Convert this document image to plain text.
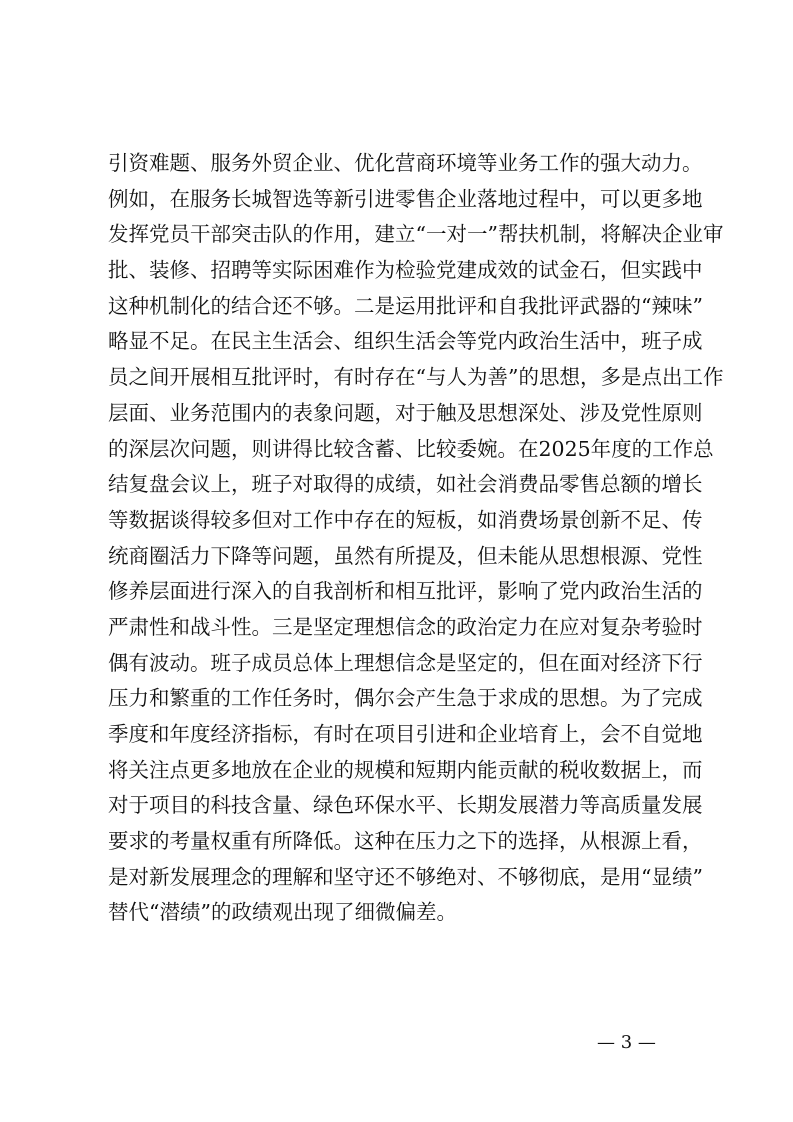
引资难题、服务外贸企业、优化营商环境等业务工作的强大动力。
例如，在服务长城智选等新引进零售企业落地过程中，可以更多地
发挥党员干部突击队的作用，建立“一对一”帮扶机制，将解决企业审
批、装修、招聘等实际困难作为检验党建成效的试金石，但实践中
这种机制化的结合还不够。二是运用批评和自我批评武器的“辣味”
略显不足。在民主生活会、组织生活会等党内政治生活中，班子成
员之间开展相互批评时，有时存在“与人为善”的思想，多是点出工作
层面、业务范围内的表象问题，对于触及思想深处、涉及党性原则
的深层次问题，则讲得比较含蓄、比较委婉。在2025年度的工作总
结复盘会议上，班子对取得的成绩，如社会消费品零售总额的增长
等数据谈得较多但对工作中存在的短板，如消费场景创新不足、传
统商圈活力下降等问题，虽然有所提及，但未能从思想根源、党性
修养层面进行深入的自我剖析和相互批评，影响了党内政治生活的
严肃性和战斗性。三是坚定理想信念的政治定力在应对复杂考验时
偶有波动。班子成员总体上理想信念是坚定的，但在面对经济下行
压力和繁重的工作任务时，偶尔会产生急于求成的思想。为了完成
季度和年度经济指标，有时在项目引进和企业培育上，会不自觉地
将关注点更多地放在企业的规模和短期内能贡献的税收数据上，而
对于项目的科技含量、绿色环保水平、长期发展潜力等高质量发展
要求的考量权重有所降低。这种在压力之下的选择，从根源上看，
是对新发展理念的理解和坚守还不够绝对、不够彻底，是用“显绩”
替代“潜绩”的政绩观出现了细微偏差。
— 3 —
